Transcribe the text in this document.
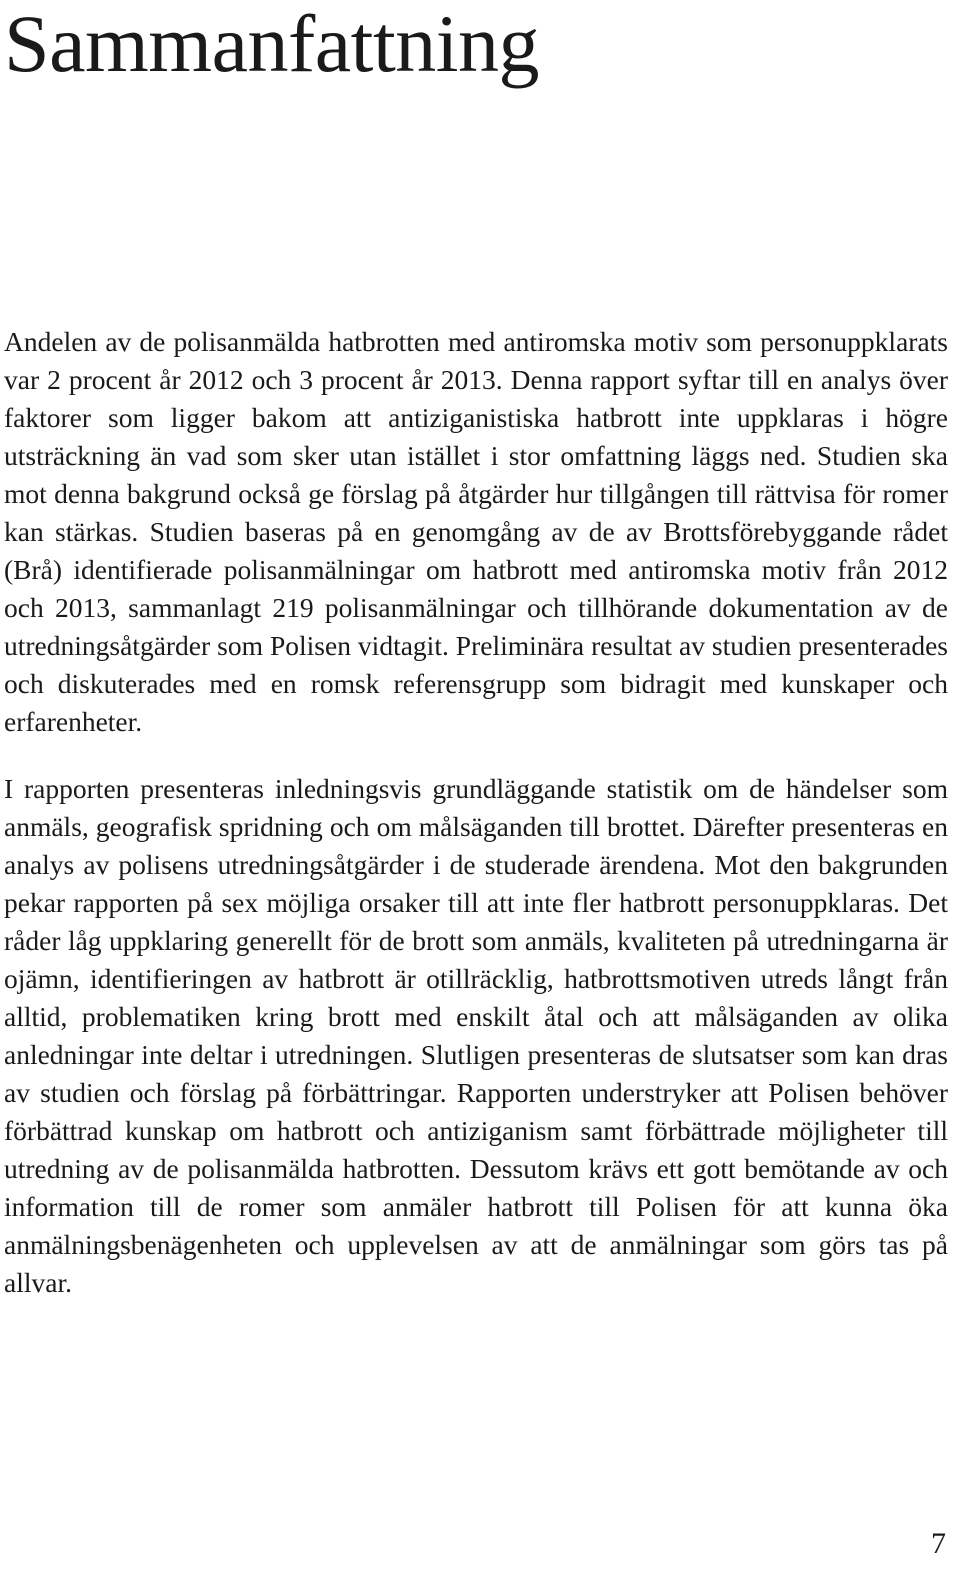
Sammanfattning

Andelen av de polisanmälda hatbrotten med antiromska motiv som personuppklarats var 2 procent år 2012 och 3 procent år 2013. Denna rapport syftar till en analys över faktorer som ligger bakom att antiziganistiska hatbrott inte uppklaras i högre utsträckning än vad som sker utan istället i stor omfattning läggs ned. Studien ska mot denna bakgrund också ge förslag på åtgärder hur tillgången till rättvisa för romer kan stärkas. Studien baseras på en genomgång av de av Brottsförebyggande rådet (Brå) identifierade polisanmälningar om hatbrott med antiromska motiv från 2012 och 2013, sammanlagt 219 polisanmälningar och tillhörande dokumentation av de utredningsåtgärder som Polisen vidtagit. Preliminära resultat av studien presenterades och diskuterades med en romsk referensgrupp som bidragit med kunskaper och erfarenheter.

I rapporten presenteras inledningsvis grundläggande statistik om de händelser som anmäls, geografisk spridning och om målsäganden till brottet. Därefter presenteras en analys av polisens utredningsåtgärder i de studerade ärendena. Mot den bakgrunden pekar rapporten på sex möjliga orsaker till att inte fler hatbrott personuppklaras. Det råder låg uppklaring generellt för de brott som anmäls, kvaliteten på utredningarna är ojämn, identifieringen av hatbrott är otillräcklig, hatbrottsmotiven utreds långt från alltid, problematiken kring brott med enskilt åtal och att målsäganden av olika anledningar inte deltar i utredningen. Slutligen presenteras de slutsatser som kan dras av studien och förslag på förbättringar. Rapporten understryker att Polisen behöver förbättrad kunskap om hatbrott och antiziganism samt förbättrade möjligheter till utredning av de polisanmälda hatbrotten. Dessutom krävs ett gott bemötande av och information till de romer som anmäler hatbrott till Polisen för att kunna öka anmälningsbenägenheten och upplevelsen av att de anmälningar som görs tas på allvar.

7
